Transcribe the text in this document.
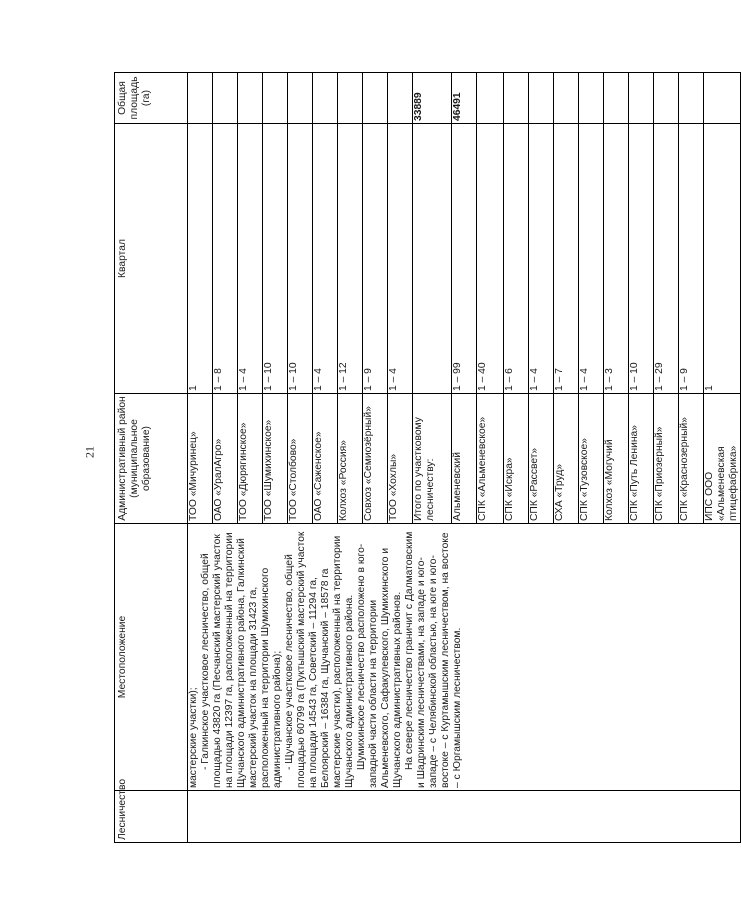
21
Лесничество	Местоположение	Административный район (муниципальное образование)	Квартал	Общая площадь (га)

	мастерские участки); - Галкинское участковое лесничество, общей площадью 43820 га (Песчанский мастерский участок на площади 12397 га, расположенный на территории Щучанского административного района, Галкинский мастерский участок на площади 31423 га, расположенный на территории Шумихинского административного района); - Щучанское участковое лесничество, общей площадью 60799 га (Пуктышский мастерский участок на площади 14543 га, Советский – 11294 га, Белоярский – 16384 га, Щучанский – 18578 га мастерские участки), расположенный на территории Щучанского административного района. Шумихинское лесничество расположено в юго-западной части области на территории Альменевского, Сафакулевского, Шумихинского и Щучанского административных районов. На севере лесничество граничит с Далматовским и Шадринским лесничествами, на западе и юго-западе – с Челябинской областью, на юге и юго-востоке – с Куртамышским лесничеством, на востоке – с Юргамышским лесничеством.	ТОО «Мичуринец»	1	
		ОАО «УралАгро»	1 – 8	
		ТОО «Дюрягинское»	1 – 4	
		ТОО «Шумихинское»	1 – 10	
		ТОО «Столбово»	1 – 10	
		ОАО «Саженское»	1 – 4	
		Колхоз «Россия»	1 – 12	
		Совхоз «Семиозёрный»	1 – 9	
		ТОО «Хохлы»	1 – 4	
		Итого по участковому лесничеству:		33889
		Альменевский	1 – 99	46491
		СПК «Альменевское»	1 – 40	
		СПК «Искра»	1 – 6	
		СПК «Рассвет»	1 – 4	
		СХА «Труд»	1 – 7	
		СПК «Тузовское»	1 – 4	
		Колхоз «Могучий	1 – 3	
		СПК «Путь Ленина»	1 – 10	
		СПК «Приозерный»	1 – 29	
		СПК «Краснозерный»	1 – 9	
		ИПС ООО «Альменевская птицефабрика»	1	
